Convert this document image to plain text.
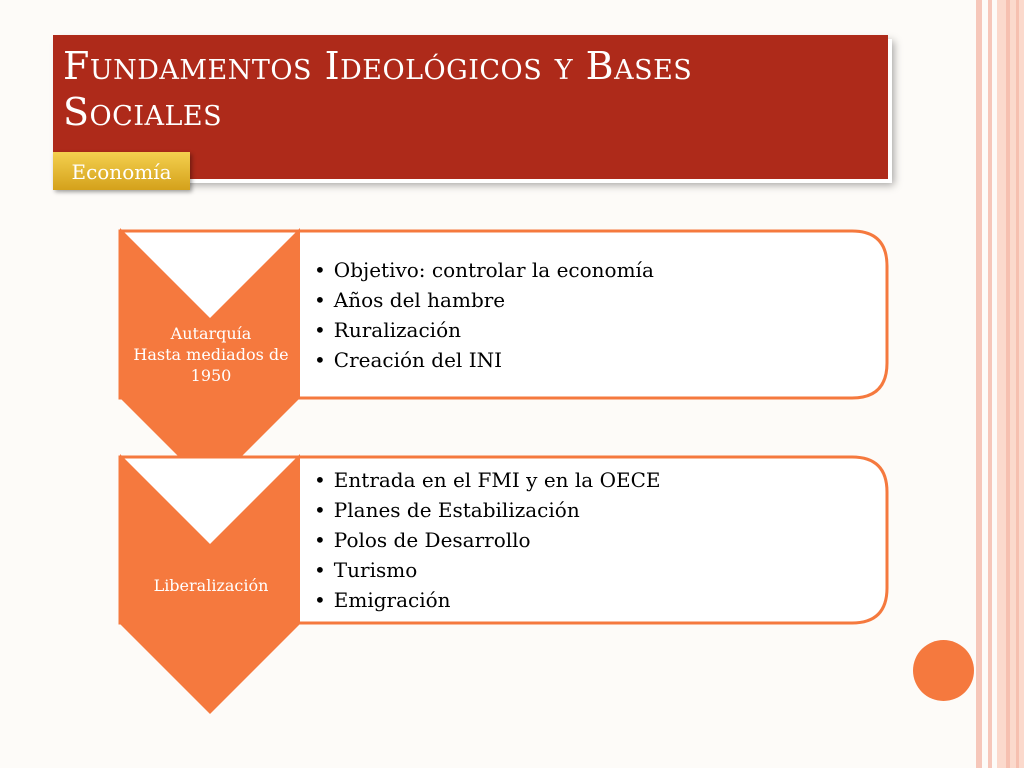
Fundamentos Ideológicos y Bases Sociales
Economía
Autarquía
Hasta mediados de 1950
• Objetivo: controlar la economía
• Años del hambre
• Ruralización
• Creación del INI
Liberalización
• Entrada en el FMI y en la OECE
• Planes de Estabilización
• Polos de Desarrollo
• Turismo
• Emigración
